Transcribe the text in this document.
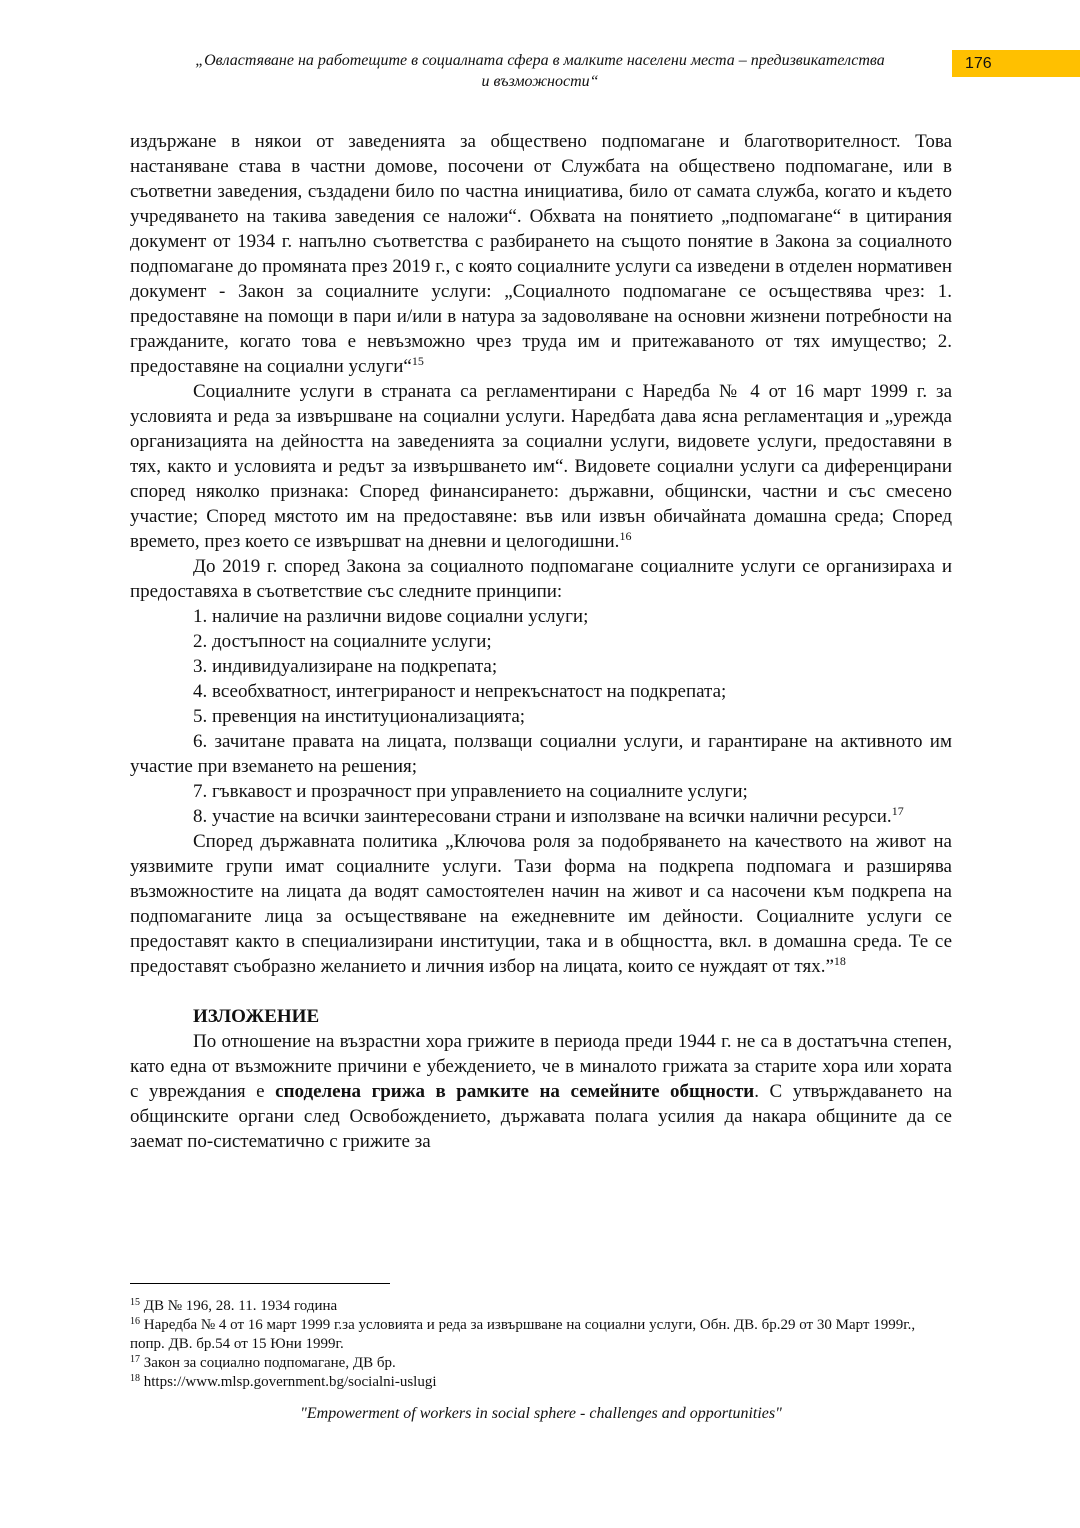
„Овластяване на работещите в социалната сфера в малките населени места – предизвикателства
и възможности“
176

издържане в някои от заведенията за обществено подпомагане и благотворителност. Това настаняване става в частни домове, посочени от Службата на обществено подпомагане, или в съответни заведения, създадени било по частна инициатива, било от самата служба, когато и където учредяването на такива заведения се наложи“. Обхвата на понятието „подпомагане“ в цитирания документ от 1934 г. напълно съответства с разбирането на същото понятие в Закона за социалното подпомагане до промяната през 2019 г., с която социалните услуги са изведени в отделен нормативен документ - Закон за социалните услуги: „Социалното подпомагане се осъществява чрез: 1. предоставяне на помощи в пари и/или в натура за задоволяване на основни жизнени потребности на гражданите, когато това е невъзможно чрез труда им и притежаваното от тях имущество; 2. предоставяне на социални услуги“$^{15}$

Социалните услуги в страната са регламентирани с Наредба № 4 от 16 март 1999 г. за условията и реда за извършване на социални услуги. Наредбата дава ясна регламентация и „урежда организацията на дейността на заведенията за социални услуги, видовете услуги, предоставяни в тях, както и условията и редът за извършването им“. Видовете социални услуги са диференцирани според няколко признака: Според финансирането: държавни, общински, частни и със смесено участие; Според мястото им на предоставяне: във или извън обичайната домашна среда; Според времето, през което се извършват на дневни и целогодишни.$^{16}$

До 2019 г. според Закона за социалното подпомагане социалните услуги се организираха и предоставяха в съответствие със следните принципи:

1. наличие на различни видове социални услуги;

2. достъпност на социалните услуги;

3. индивидуализиране на подкрепата;

4. всеобхватност, интегрираност и непрекъснатост на подкрепата;

5. превенция на институционализацията;

6. зачитане правата на лицата, ползващи социални услуги, и гарантиране на активното им участие при вземането на решения;

7. гъвкавост и прозрачност при управлението на социалните услуги;

8. участие на всички заинтересовани страни и използване на всички налични ресурси.$^{17}$

Според държавната политика „Ключова роля за подобряването на качеството на живот на уязвимите групи имат социалните услуги. Тази форма на подкрепа подпомага и разширява възможностите на лицата да водят самостоятелен начин на живот и са насочени към подкрепа на подпомаганите лица за осъществяване на ежедневните им дейности. Социалните услуги се предоставят както в специализирани институции, така и в общността, вкл. в домашна среда. Те се предоставят съобразно желанието и личния избор на лицата, които се нуждаят от тях.”$^{18}$

ИЗЛОЖЕНИЕ

По отношение на възрастни хора грижите в периода преди 1944 г. не са в достатъчна степен, като една от възможните причини е убеждението, че в миналото грижата за старите хора или хората с увреждания е споделена грижа в рамките на семейните общности. С утвърждаването на общинските органи след Освобождението, държавата полага усилия да накара общините да се заемат по-систематично с грижите за

$^{15}$ ДВ № 196, 28. 11. 1934 година

$^{16}$ Наредба № 4 от 16 март 1999 г.за условията и реда за извършване на социални услуги, Обн. ДВ. бр.29 от 30 Март 1999г., попр. ДВ. бр.54 от 15 Юни 1999г.

$^{17}$ Закон за социално подпомагане, ДВ бр.

$^{18}$ https://www.mlsp.government.bg/socialni-uslugi

"Empowerment of workers in social sphere - challenges and opportunities"
